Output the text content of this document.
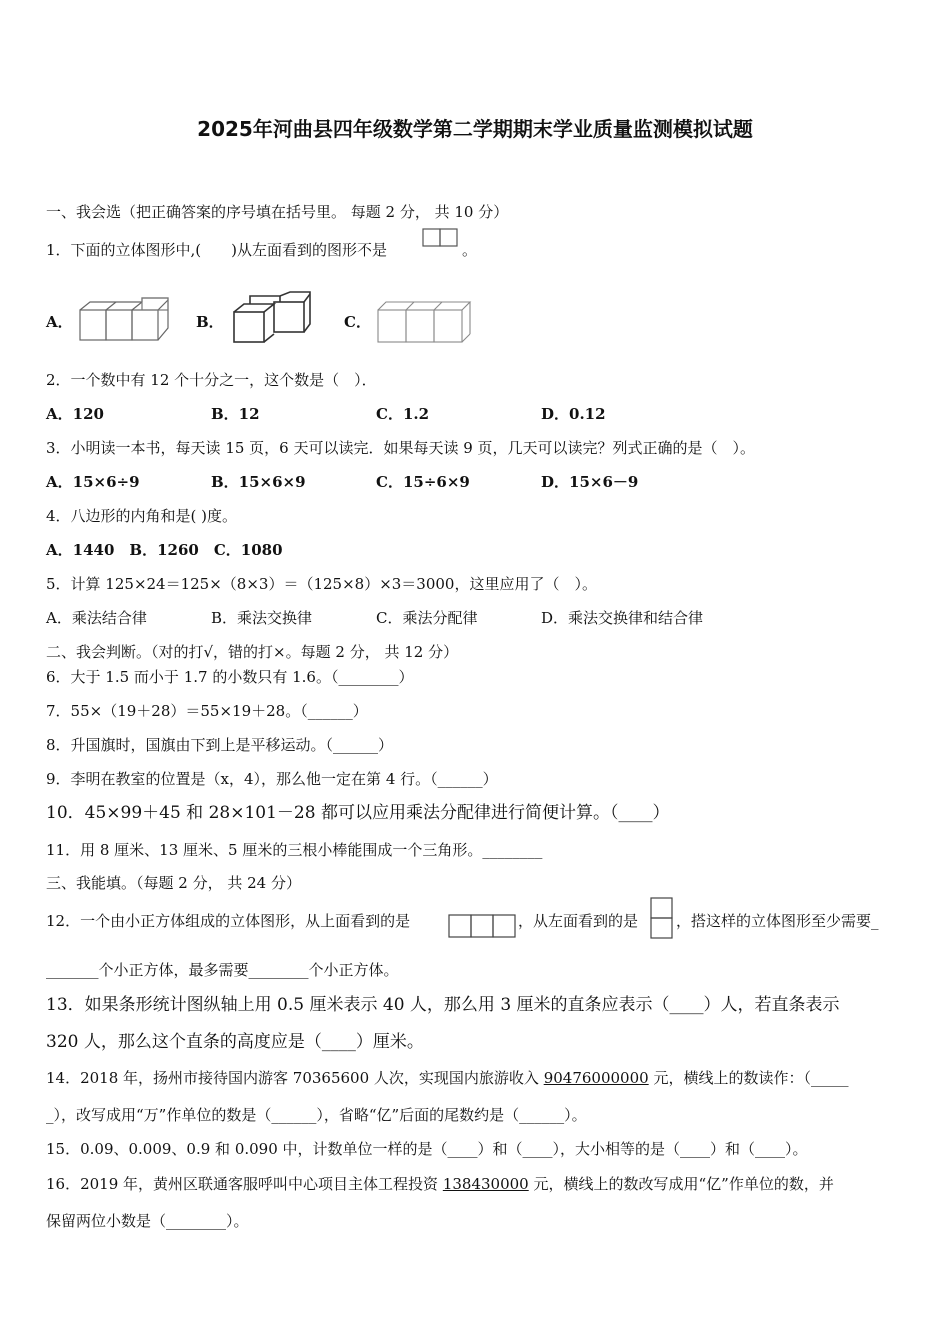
2025年河曲县四年级数学第二学期期末学业质量监测模拟试题
一、我会选（把正确答案的序号填在括号里。 每题 2 分， 共 10 分）
1．下面的立体图形中,(　　)从左面看到的图形不是	。
A．	B．	C．
2．一个数中有 12 个十分之一，这个数是（　）．
A．120	B．12	C．1.2	D．0.12
3．小明读一本书，每天读 15 页，6 天可以读完．如果每天读 9 页，几天可以读完？列式正确的是（　）。
A．15×6÷9	B．15×6×9	C．15÷6×9	D．15×6－9
4．八边形的内角和是( )度。
A．1440　B．1260　C．1080
5．计算 125×24＝125×（8×3）＝（125×8）×3＝3000，这里应用了（　）。
A．乘法结合律	B．乘法交换律	C．乘法分配律	D．乘法交换律和结合律
二、我会判断。（对的打√，错的打×。每题 2 分， 共 12 分）
6．大于 1.5 而小于 1.7 的小数只有 1.6。（________）
7．55×（19＋28）＝55×19＋28。（______）
8．升国旗时，国旗由下到上是平移运动。（______）
9．李明在教室的位置是（x，4），那么他一定在第 4 行。（______）
10．45×99＋45 和 28×101－28 都可以应用乘法分配律进行简便计算。（____）
11．用 8 厘米、13 厘米、5 厘米的三根小棒能围成一个三角形。________
三、我能填。（每题 2 分， 共 24 分）
12．一个由小正方体组成的立体图形，从上面看到的是	，从左面看到的是	，搭这样的立体图形至少需要_
_______个小正方体，最多需要________个小正方体。
13．如果条形统计图纵轴上用 0.5 厘米表示 40 人，那么用 3 厘米的直条应表示（____）人，若直条表示
320 人，那么这个直条的高度应是（____）厘米。
14．2018 年，扬州市接待国内游客 70365600 人次，实现国内旅游收入 90476000000 元，横线上的数读作：（_____
_），改写成用“万”作单位的数是（______），省略“亿”后面的尾数约是（______）。
15．0.09、0.009、0.9 和 0.090 中，计数单位一样的是（____）和（____），大小相等的是（____）和（____）。
16．2019 年，黄州区联通客服呼叫中心项目主体工程投资 138430000 元，横线上的数改写成用“亿”作单位的数，并
保留两位小数是（________）。
